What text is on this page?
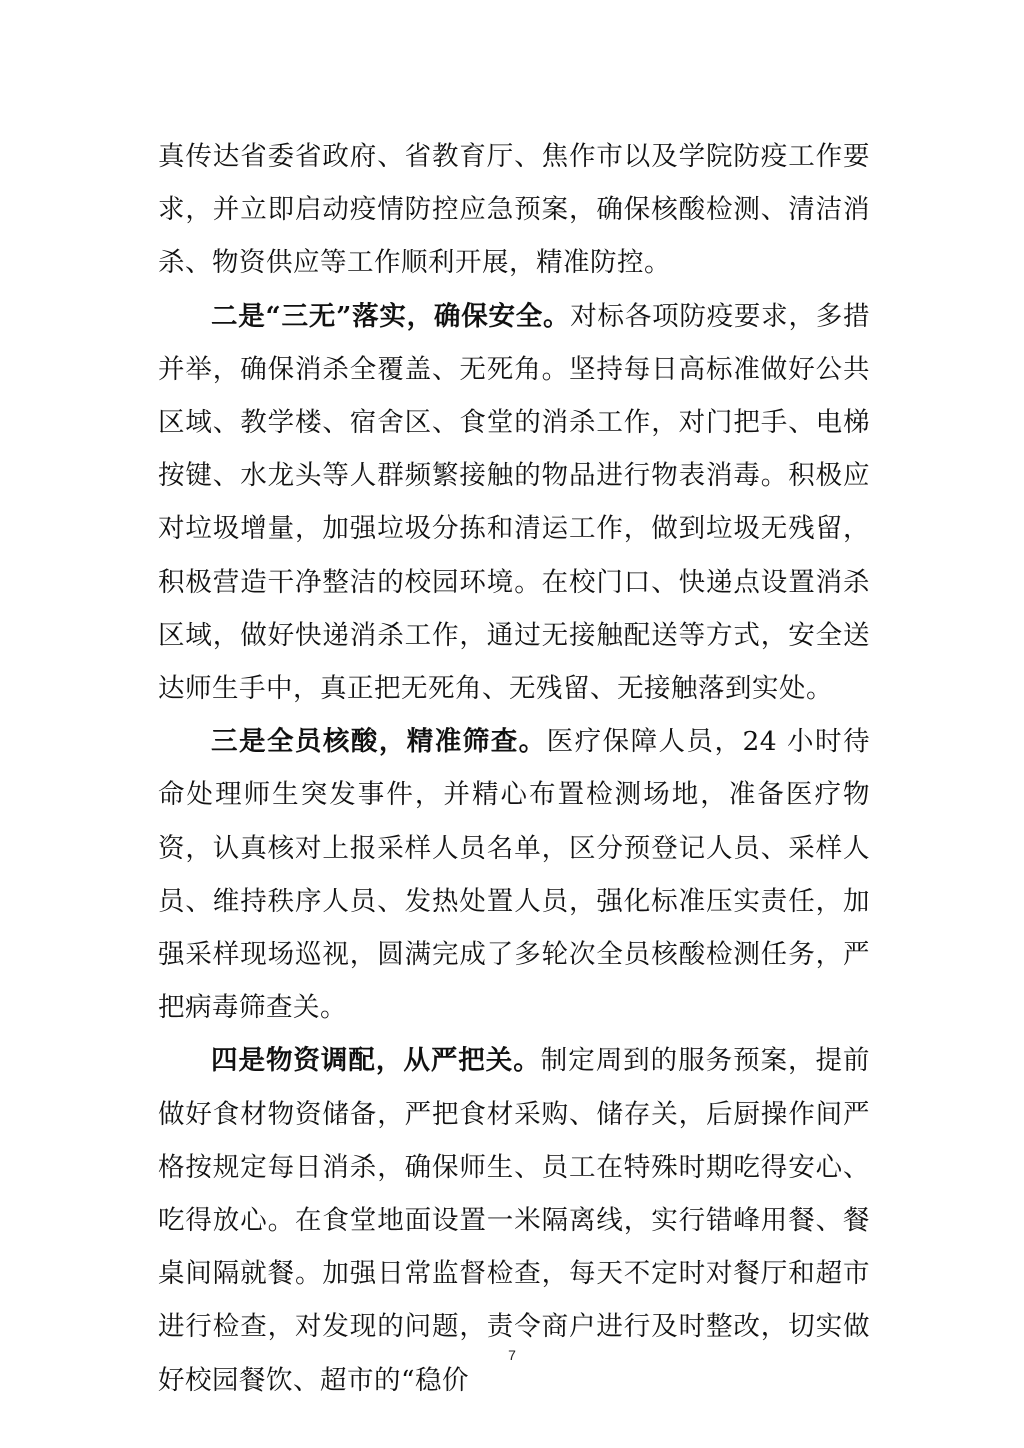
真传达省委省政府、省教育厅、焦作市以及学院防疫工作要求，并立即启动疫情防控应急预案，确保核酸检测、清洁消杀、物资供应等工作顺利开展，精准防控。

二是“三无”落实，确保安全。对标各项防疫要求，多措并举，确保消杀全覆盖、无死角。坚持每日高标准做好公共区域、教学楼、宿舍区、食堂的消杀工作，对门把手、电梯按键、水龙头等人群频繁接触的物品进行物表消毒。积极应对垃圾增量，加强垃圾分拣和清运工作，做到垃圾无残留，积极营造干净整洁的校园环境。在校门口、快递点设置消杀区域，做好快递消杀工作，通过无接触配送等方式，安全送达师生手中，真正把无死角、无残留、无接触落到实处。

三是全员核酸，精准筛查。医疗保障人员，24 小时待命处理师生突发事件，并精心布置检测场地，准备医疗物资，认真核对上报采样人员名单，区分预登记人员、采样人员、维持秩序人员、发热处置人员，强化标准压实责任，加强采样现场巡视，圆满完成了多轮次全员核酸检测任务，严把病毒筛查关。

四是物资调配，从严把关。制定周到的服务预案，提前做好食材物资储备，严把食材采购、储存关，后厨操作间严格按规定每日消杀，确保师生、员工在特殊时期吃得安心、吃得放心。在食堂地面设置一米隔离线，实行错峰用餐、餐桌间隔就餐。加强日常监督检查，每天不定时对餐厅和超市进行检查，对发现的问题，责令商户进行及时整改，切实做好校园餐饮、超市的“稳价

7
